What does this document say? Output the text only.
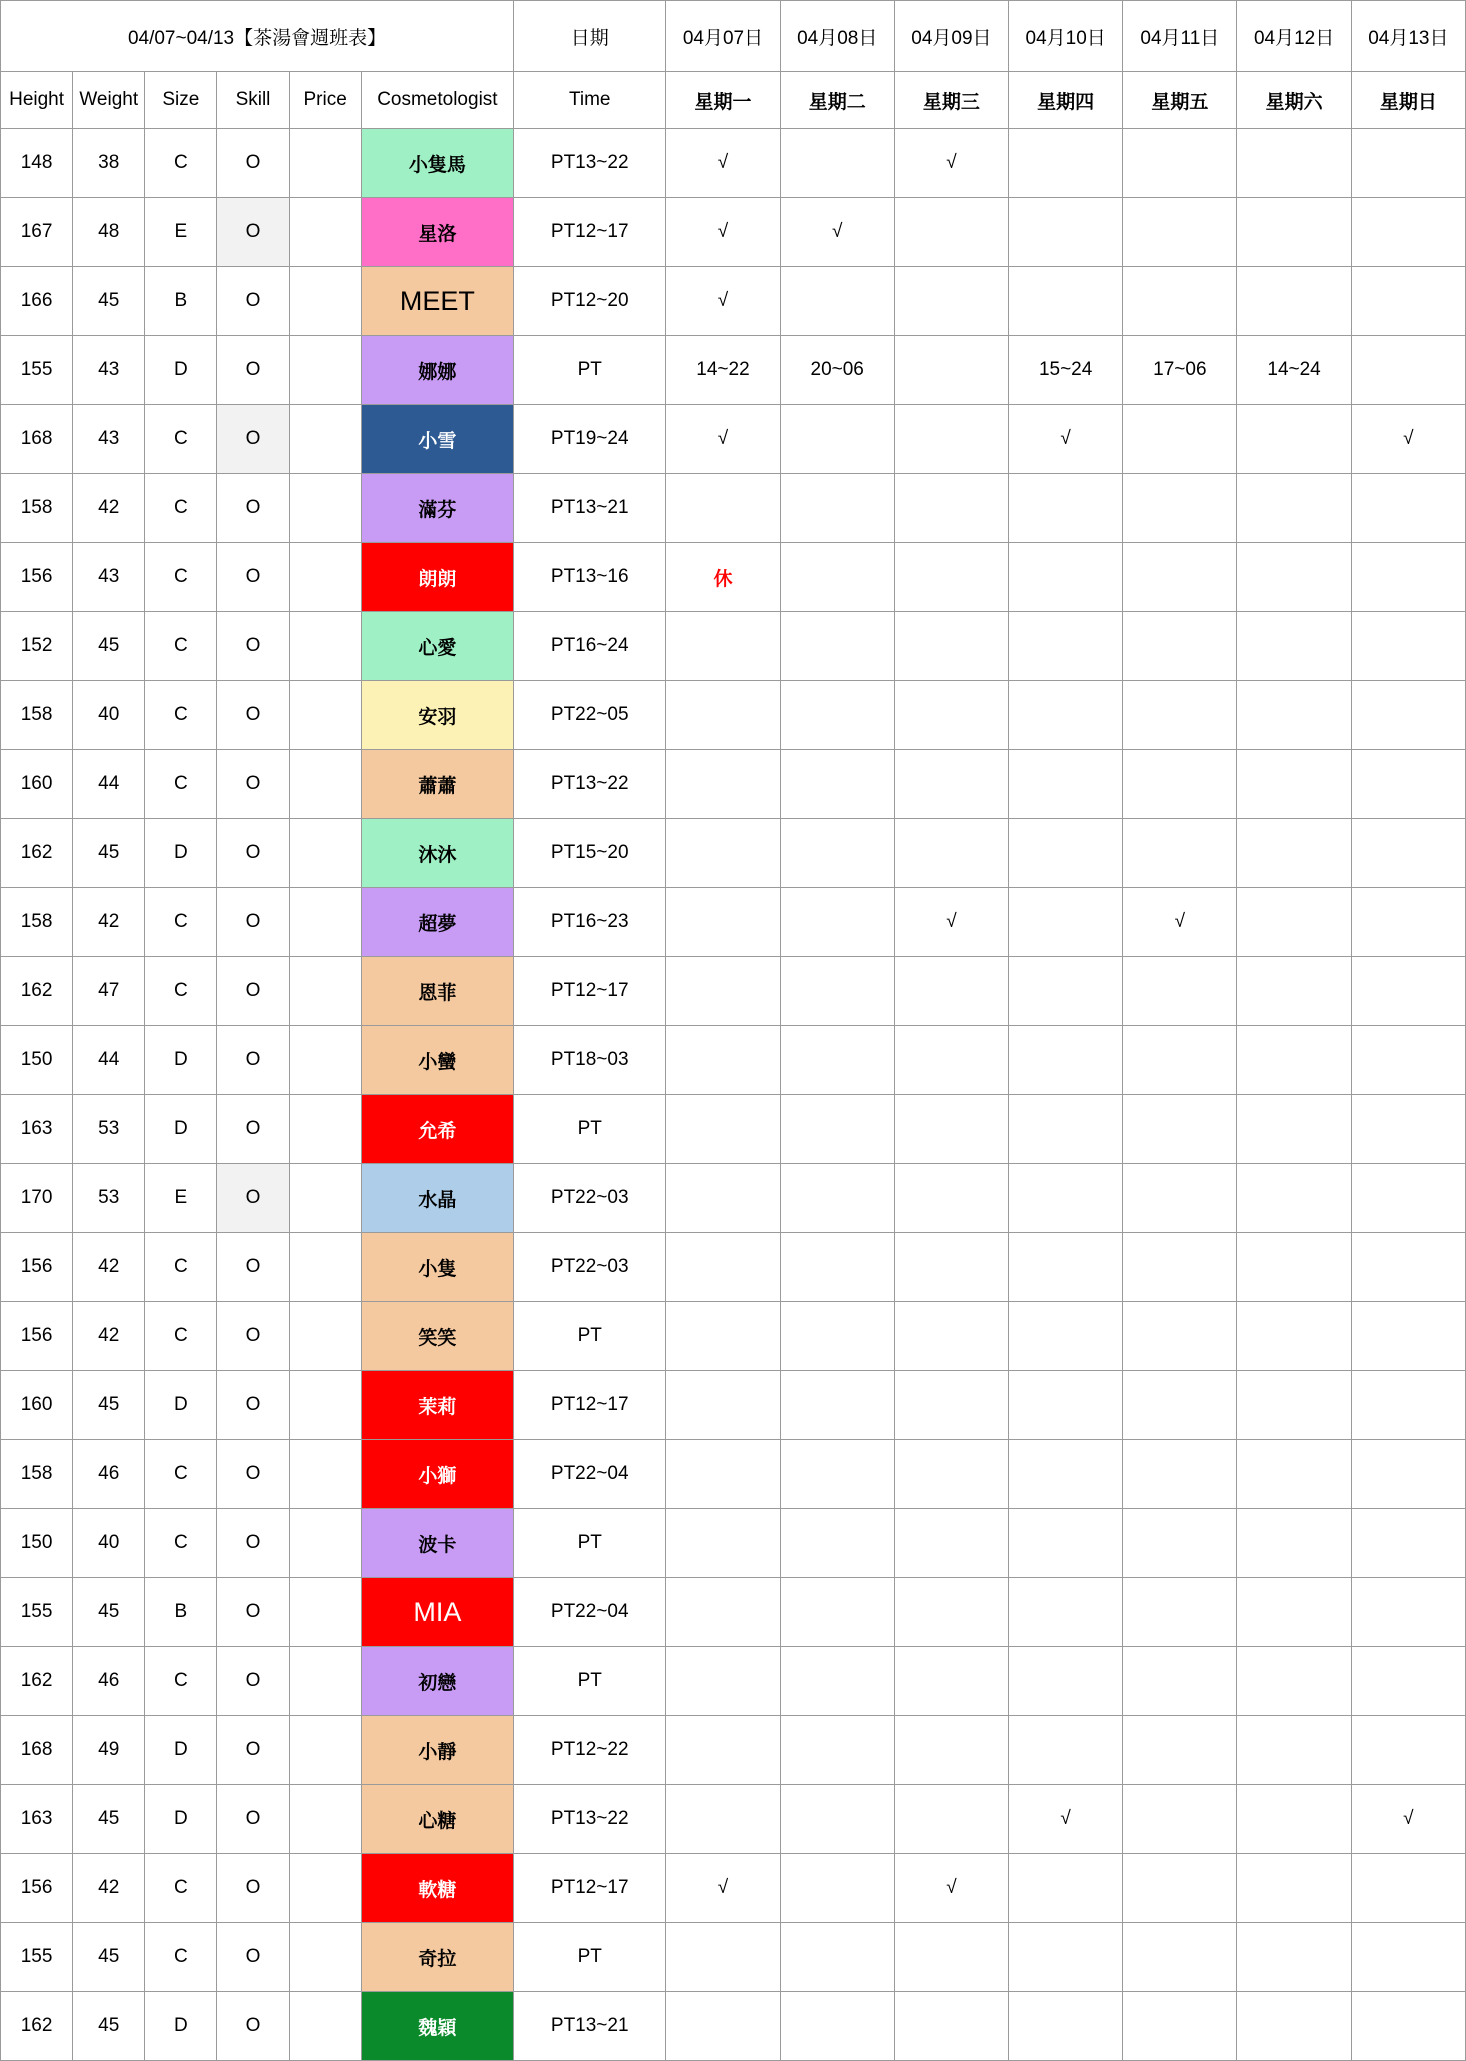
04/07~04/13【茶湯會週班表】						日期	04月07日	04月08日	04月09日	04月10日	04月11日	04月12日	04月13日
Height	Weight	Size	Skill	Price	Cosmetologist	Time	星期一	星期二	星期三	星期四	星期五	星期六	星期日
148	38	C	O		小隻馬	PT13~22	√		√				
167	48	E	O		星洛	PT12~17	√	√					
166	45	B	O		MEET	PT12~20	√						
155	43	D	O		娜娜	PT	14~22	20~06		15~24	17~06	14~24	
168	43	C	O		小雪	PT19~24	√			√			√
158	42	C	O		滿芬	PT13~21							
156	43	C	O		朗朗	PT13~16	休						
152	45	C	O		心愛	PT16~24							
158	40	C	O		安羽	PT22~05							
160	44	C	O		蕭蕭	PT13~22							
162	45	D	O		沐沐	PT15~20							
158	42	C	O		超夢	PT16~23			√		√		
162	47	C	O		恩菲	PT12~17							
150	44	D	O		小蠻	PT18~03							
163	53	D	O		允希	PT							
170	53	E	O		水晶	PT22~03							
156	42	C	O		小隻	PT22~03							
156	42	C	O		笑笑	PT							
160	45	D	O		茉莉	PT12~17							
158	46	C	O		小獅	PT22~04							
150	40	C	O		波卡	PT							
155	45	B	O		MIA	PT22~04							
162	46	C	O		初戀	PT							
168	49	D	O		小靜	PT12~22							
163	45	D	O		心糖	PT13~22				√			√
156	42	C	O		軟糖	PT12~17	√		√				
155	45	C	O		奇拉	PT							
162	45	D	O		魏穎	PT13~21							
